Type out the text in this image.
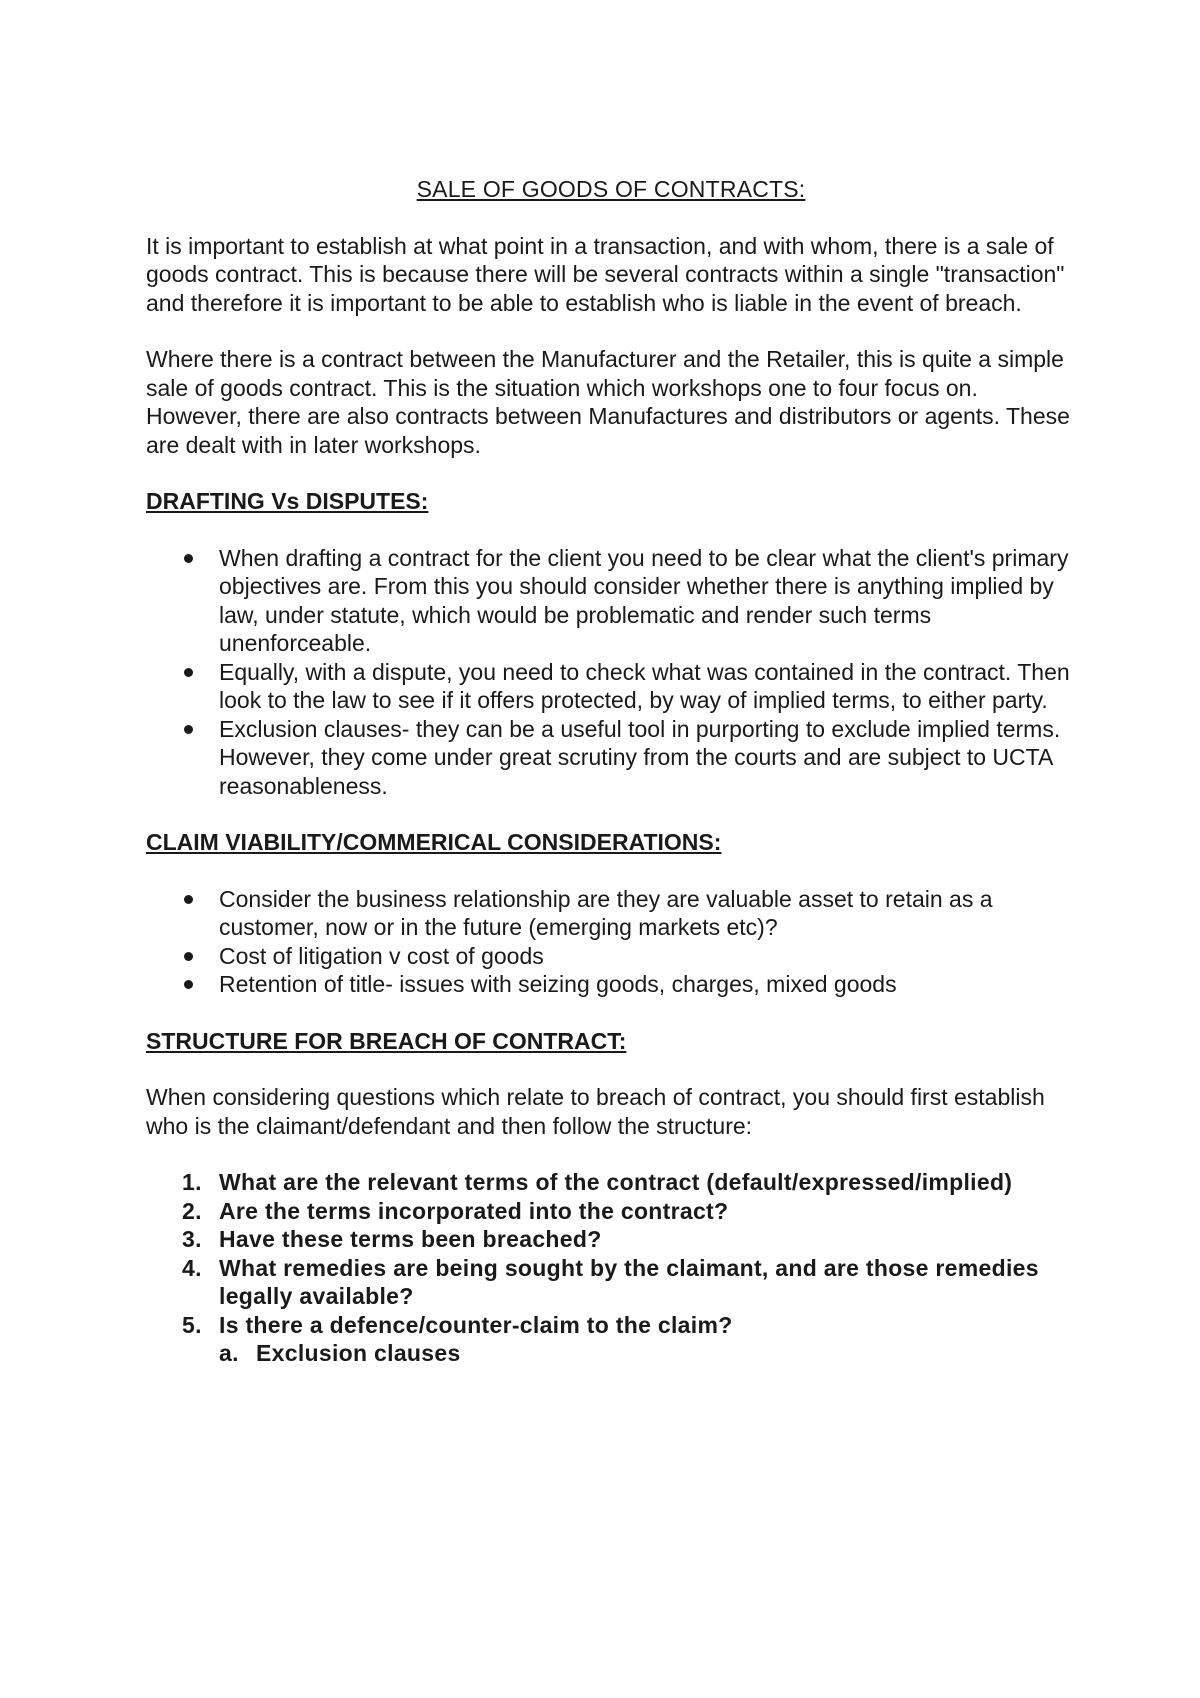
SALE OF GOODS OF CONTRACTS:

It is important to establish at what point in a transaction, and with whom, there is a sale of goods contract. This is because there will be several contracts within a single "transaction" and therefore it is important to be able to establish who is liable in the event of breach.

Where there is a contract between the Manufacturer and the Retailer, this is quite a simple sale of goods contract. This is the situation which workshops one to four focus on. However, there are also contracts between Manufactures and distributors or agents. These are dealt with in later workshops.

DRAFTING Vs DISPUTES:
When drafting a contract for the client you need to be clear what the client's primary objectives are. From this you should consider whether there is anything implied by law, under statute, which would be problematic and render such terms unenforceable.
Equally, with a dispute, you need to check what was contained in the contract. Then look to the law to see if it offers protected, by way of implied terms, to either party.
Exclusion clauses- they can be a useful tool in purporting to exclude implied terms. However, they come under great scrutiny from the courts and are subject to UCTA reasonableness.
CLAIM VIABILITY/COMMERICAL CONSIDERATIONS:
Consider the business relationship are they are valuable asset to retain as a customer, now or in the future (emerging markets etc)?
Cost of litigation v cost of goods
Retention of title- issues with seizing goods, charges, mixed goods
STRUCTURE FOR BREACH OF CONTRACT:

When considering questions which relate to breach of contract, you should first establish who is the claimant/defendant and then follow the structure:

1. What are the relevant terms of the contract (default/expressed/implied)
2. Are the terms incorporated into the contract?
3. Have these terms been breached?
4. What remedies are being sought by the claimant, and are those remedies legally available?
5. Is there a defence/counter-claim to the claim?
a. Exclusion clauses
